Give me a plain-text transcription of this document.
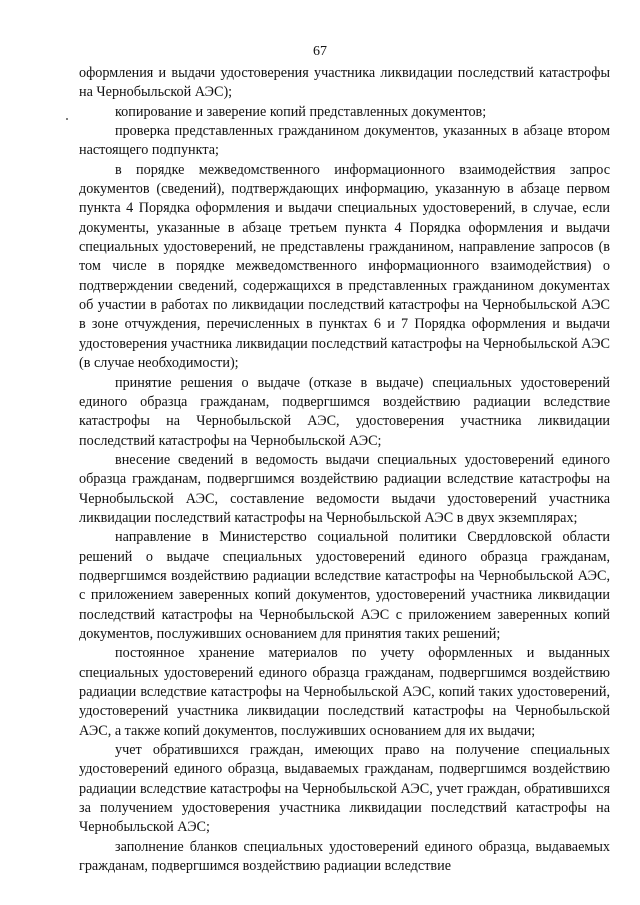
67

оформления и выдачи удостоверения участника ликвидации последствий катастрофы на Чернобыльской АЭС);

копирование и заверение копий представленных документов;

проверка представленных гражданином документов, указанных в абзаце втором настоящего подпункта;

в порядке межведомственного информационного взаимодействия запрос документов (сведений), подтверждающих информацию, указанную в абзаце первом пункта 4 Порядка оформления и выдачи специальных удостоверений, в случае, если документы, указанные в абзаце третьем пункта 4 Порядка оформления и выдачи специальных удостоверений, не представлены гражданином, направление запросов (в том числе в порядке межведомственного информационного взаимодействия) о подтверждении сведений, содержащихся в представленных гражданином документах об участии в работах по ликвидации последствий катастрофы на Чернобыльской АЭС в зоне отчуждения, перечисленных в пунктах 6 и 7 Порядка оформления и выдачи удостоверения участника ликвидации последствий катастрофы на Чернобыльской АЭС (в случае необходимости);

принятие решения о выдаче (отказе в выдаче) специальных удостоверений единого образца гражданам, подвергшимся воздействию радиации вследствие катастрофы на Чернобыльской АЭС, удостоверения участника ликвидации последствий катастрофы на Чернобыльской АЭС;

внесение сведений в ведомость выдачи специальных удостоверений единого образца гражданам, подвергшимся воздействию радиации вследствие катастрофы на Чернобыльской АЭС, составление ведомости выдачи удостоверений участника ликвидации последствий катастрофы на Чернобыльской АЭС в двух экземплярах;

направление в Министерство социальной политики Свердловской области решений о выдаче специальных удостоверений единого образца гражданам, подвергшимся воздействию радиации вследствие катастрофы на Чернобыльской АЭС, с приложением заверенных копий документов, удостоверений участника ликвидации последствий катастрофы на Чернобыльской АЭС с приложением заверенных копий документов, послуживших основанием для принятия таких решений;

постоянное хранение материалов по учету оформленных и выданных специальных удостоверений единого образца гражданам, подвергшимся воздействию радиации вследствие катастрофы на Чернобыльской АЭС, копий таких удостоверений, удостоверений участника ликвидации последствий катастрофы на Чернобыльской АЭС, а также копий документов, послуживших основанием для их выдачи;

учет обратившихся граждан, имеющих право на получение специальных удостоверений единого образца, выдаваемых гражданам, подвергшимся воздействию радиации вследствие катастрофы на Чернобыльской АЭС, учет граждан, обратившихся за получением удостоверения участника ликвидации последствий катастрофы на Чернобыльской АЭС;

заполнение бланков специальных удостоверений единого образца, выдаваемых гражданам, подвергшимся воздействию радиации вследствие
